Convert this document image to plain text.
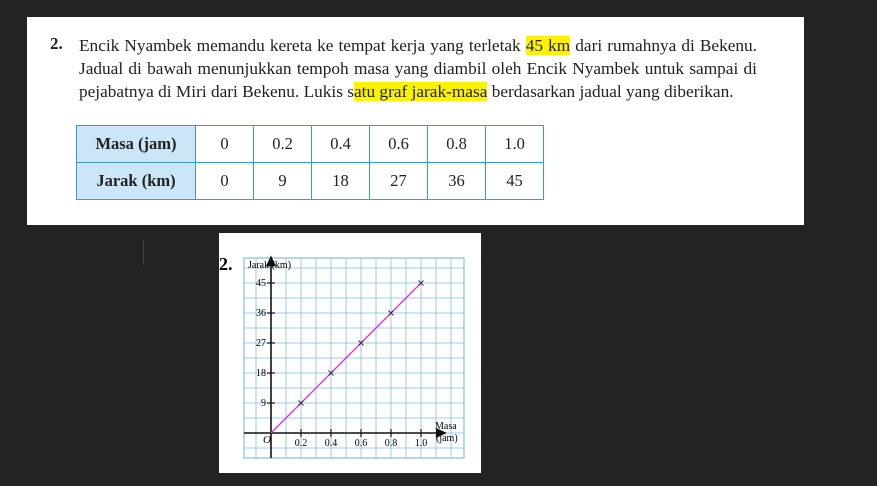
2. Encik Nyambek memandu kereta ke tempat kerja yang terletak 45 km dari rumahnya di Bekenu. Jadual di bawah menunjukkan tempoh masa yang diambil oleh Encik Nyambek untuk sampai di pejabatnya di Miri dari Bekenu. Lukis satu graf jarak-masa berdasarkan jadual yang diberikan.
Masa (jam)	0	0.2	0.4	0.6	0.8	1.0
Jarak (km)	0	9	18	27	36	45
2.
0.2 0.4 0.6 0.8 1.0
9
18
27
36
45
Jarak (km)
Masa
(jam)
O
